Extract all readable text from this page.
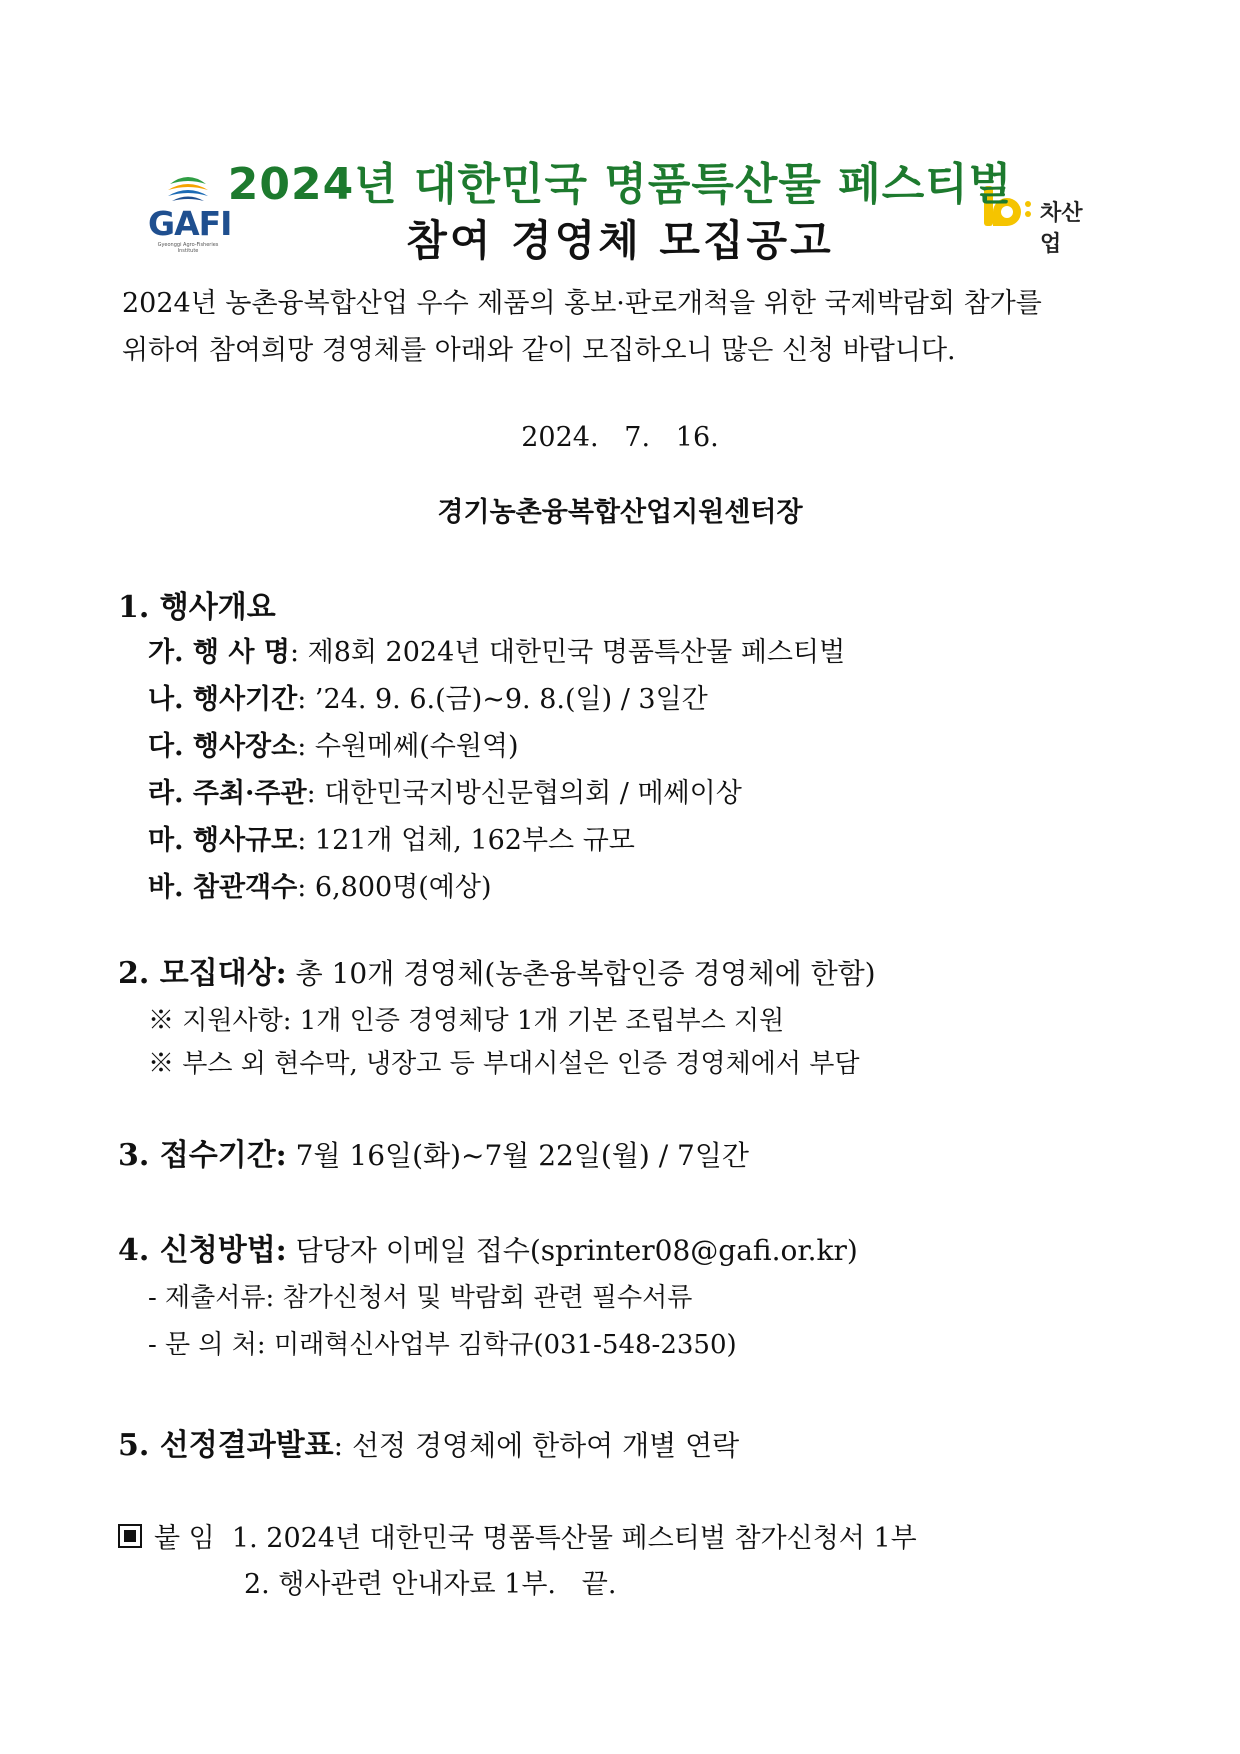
GAFI
Gyeonggi Agro-Fisheries Institute
차산업
2024년 대한민국 명품특산물 페스티벌
참여 경영체 모집공고
2024년 농촌융복합산업 우수 제품의 홍보·판로개척을 위한 국제박람회 참가를
위하여 참여희망 경영체를 아래와 같이 모집하오니 많은 신청 바랍니다.
2024.   7.   16.
경기농촌융복합산업지원센터장
1. 행사개요
가. 행 사 명: 제8회 2024년 대한민국 명품특산물 페스티벌
나. 행사기간: ’24. 9. 6.(금)~9. 8.(일) / 3일간
다. 행사장소: 수원메쎄(수원역)
라. 주최·주관: 대한민국지방신문협의회 / 메쎄이상
마. 행사규모: 121개 업체, 162부스 규모
바. 참관객수: 6,800명(예상)
2. 모집대상: 총 10개 경영체(농촌융복합인증 경영체에 한함)
※ 지원사항: 1개 인증 경영체당 1개 기본 조립부스 지원
※ 부스 외 현수막, 냉장고 등 부대시설은 인증 경영체에서 부담
3. 접수기간: 7월 16일(화)~7월 22일(월) / 7일간
4. 신청방법: 담당자 이메일 접수(sprinter08@gafi.or.kr)
- 제출서류: 참가신청서 및 박람회 관련 필수서류
- 문 의 처: 미래혁신사업부 김학규(031-548-2350)
5. 선정결과발표: 선정 경영체에 한하여 개별 연락
붙 임 1. 2024년 대한민국 명품특산물 페스티벌 참가신청서 1부
2. 행사관련 안내자료 1부.   끝.
